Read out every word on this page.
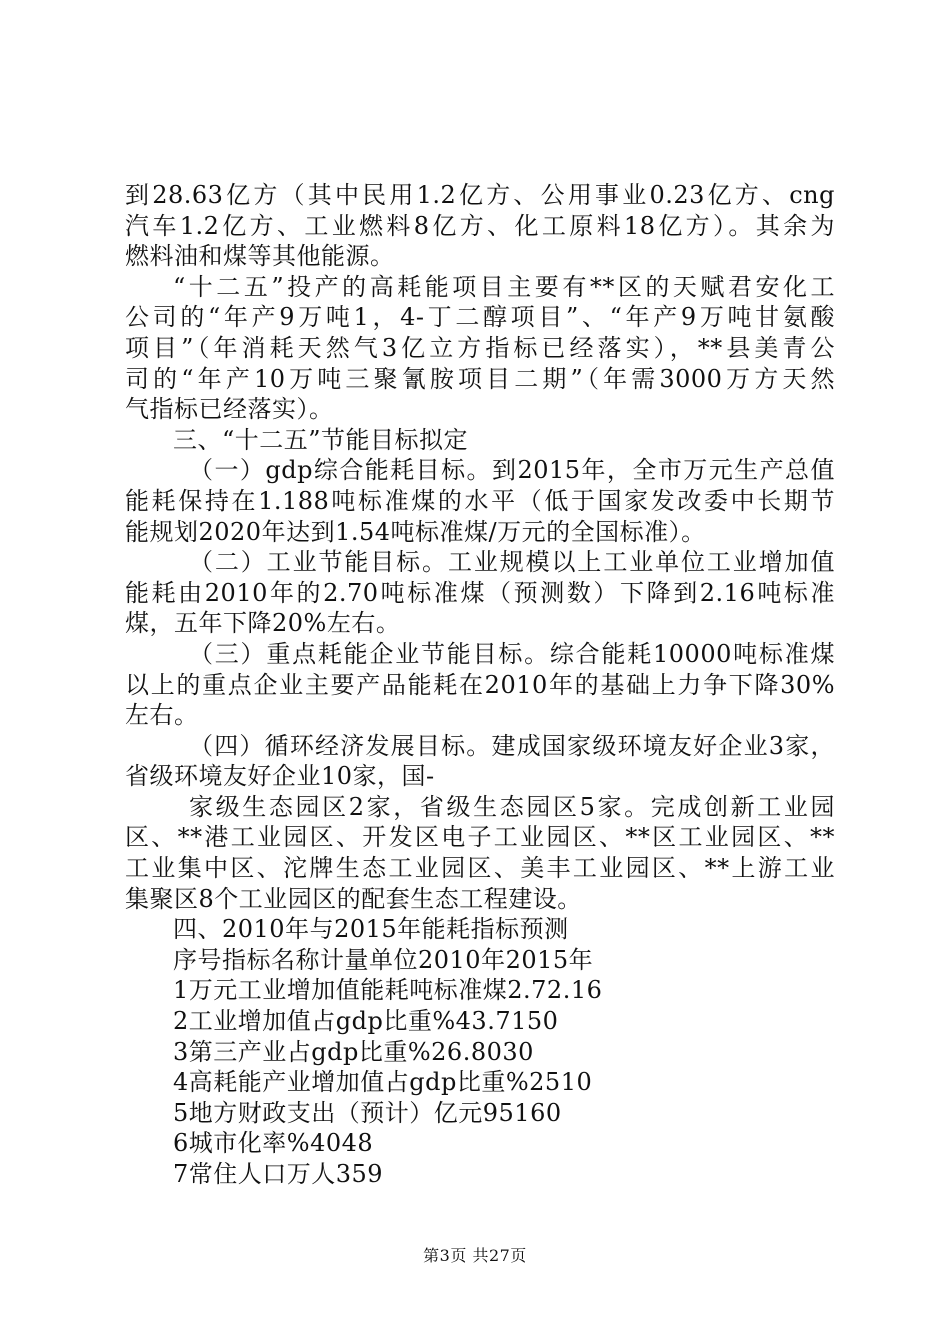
到28.63亿方（其中民用1.2亿方、公用事业0.23亿方、cng
汽车1.2亿方、工业燃料8亿方、化工原料18亿方）。其余为
燃料油和煤等其他能源。
“十二五”投产的高耗能项目主要有**区的天赋君安化工
公司的“年产9万吨1，4-丁二醇项目”、“年产9万吨甘氨酸
项目”（年消耗天然气3亿立方指标已经落实），**县美青公
司的“年产10万吨三聚氰胺项目二期”（年需3000万方天然
气指标已经落实）。
三、“十二五”节能目标拟定
（一）gdp综合能耗目标。到2015年，全市万元生产总值
能耗保持在1.188吨标准煤的水平（低于国家发改委中长期节
能规划2020年达到1.54吨标准煤/万元的全国标准）。
（二）工业节能目标。工业规模以上工业单位工业增加值
能耗由2010年的2.70吨标准煤（预测数）下降到2.16吨标准
煤，五年下降20%左右。
（三）重点耗能企业节能目标。综合能耗10000吨标准煤
以上的重点企业主要产品能耗在2010年的基础上力争下降30%
左右。
（四）循环经济发展目标。建成国家级环境友好企业3家，
省级环境友好企业10家，国-
家级生态园区2家，省级生态园区5家。完成创新工业园
区、**港工业园区、开发区电子工业园区、**区工业园区、**
工业集中区、沱牌生态工业园区、美丰工业园区、**上游工业
集聚区8个工业园区的配套生态工程建设。
四、2010年与2015年能耗指标预测
序号指标名称计量单位2010年2015年
1万元工业增加值能耗吨标准煤2.72.16
2工业增加值占gdp比重%43.7150
3第三产业占gdp比重%26.8030
4高耗能产业增加值占gdp比重%2510
5地方财政支出（预计）亿元95160
6城市化率%4048
7常住人口万人359
第3页 共27页
